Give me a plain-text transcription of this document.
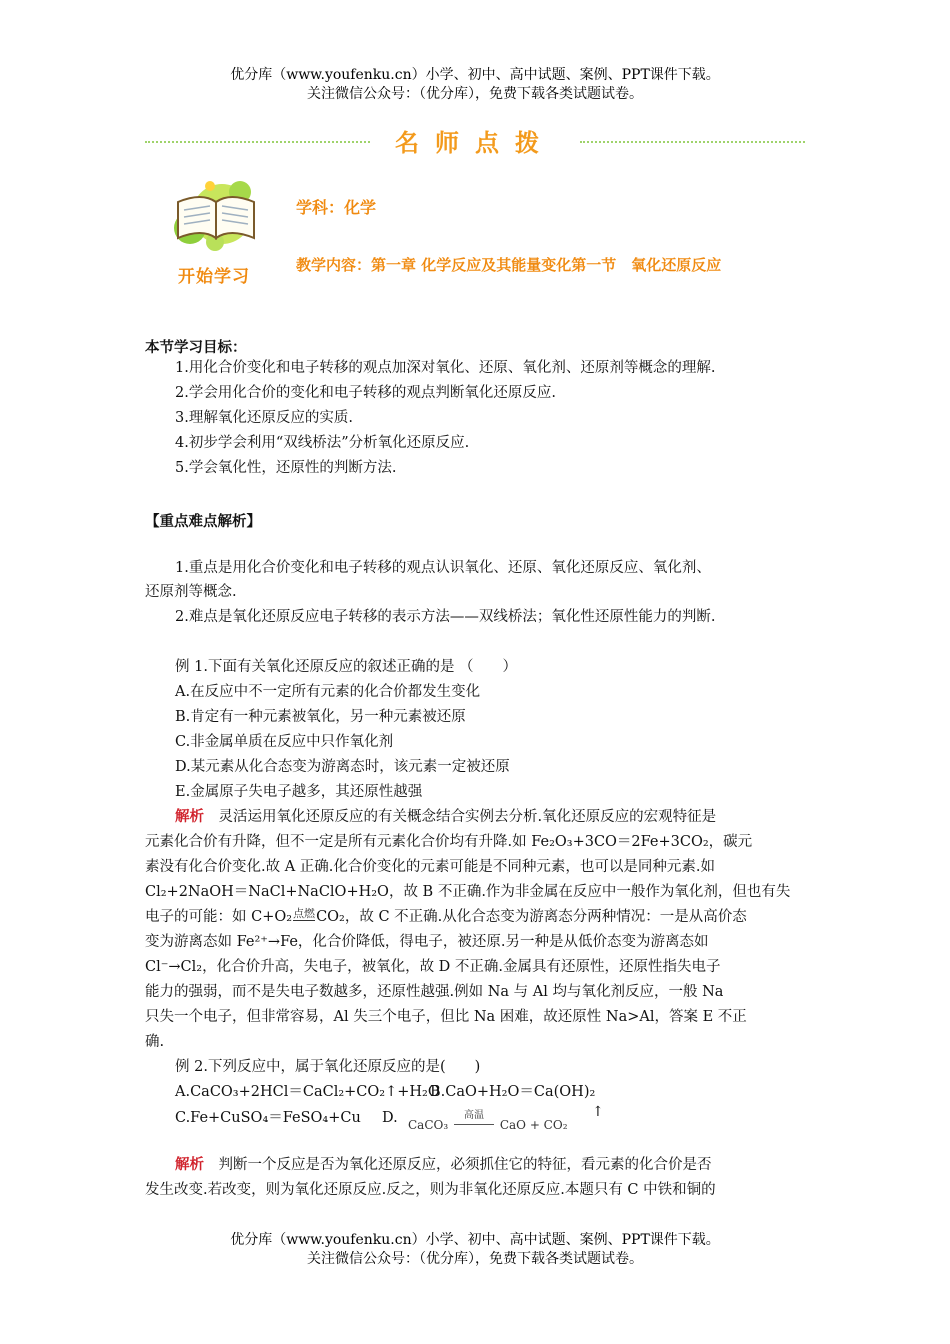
优分库（www.youfenku.cn）小学、初中、高中试题、案例、PPT课件下载。
关注微信公众号：（优分库），免费下载各类试题试卷。
名师点拨
开始学习
学科：化学
教学内容：第一章 化学反应及其能量变化第一节　氧化还原反应
本节学习目标：
1.用化合价变化和电子转移的观点加深对氧化、还原、氧化剂、还原剂等概念的理解.
2.学会用化合价的变化和电子转移的观点判断氧化还原反应.
3.理解氧化还原反应的实质.
4.初步学会利用“双线桥法”分析氧化还原反应.
5.学会氧化性，还原性的判断方法.
【重点难点解析】
1.重点是用化合价变化和电子转移的观点认识氧化、还原、氧化还原反应、氧化剂、
还原剂等概念.
2.难点是氧化还原反应电子转移的表示方法——双线桥法；氧化性还原性能力的判断.
例 1.下面有关氧化还原反应的叙述正确的是 （　　）
A.在反应中不一定所有元素的化合价都发生变化
B.肯定有一种元素被氧化，另一种元素被还原
C.非金属单质在反应中只作氧化剂
D.某元素从化合态变为游离态时，该元素一定被还原
E.金属原子失电子越多，其还原性越强
解析　灵活运用氧化还原反应的有关概念结合实例去分析.氧化还原反应的宏观特征是
元素化合价有升降，但不一定是所有元素化合价均有升降.如 Fe₂O₃+3CO＝2Fe+3CO₂，碳元
素没有化合价变化.故 A 正确.化合价变化的元素可能是不同种元素，也可以是同种元素.如
Cl₂+2NaOH＝NaCl+NaClO+H₂O，故 B 不正确.作为非金属在反应中一般作为氧化剂，但也有失
电子的可能：如 C+O₂点燃CO₂，故 C 不正确.从化合态变为游离态分两种情况：一是从高价态
变为游离态如 Fe²⁺→Fe，化合价降低，得电子，被还原.另一种是从低价态变为游离态如
Cl⁻→Cl₂，化合价升高，失电子，被氧化，故 D 不正确.金属具有还原性，还原性指失电子
能力的强弱，而不是失电子数越多，还原性越强.例如 Na 与 Al 均与氧化剂反应，一般 Na
只失一个电子，但非常容易，Al 失三个电子，但比 Na 困难，故还原性 Na>Al，答案 E 不正
确.
例 2.下列反应中，属于氧化还原反应的是(　　)
A.CaCO₃+2HCl＝CaCl₂+CO₂↑+H₂O
B.CaO+H₂O＝Ca(OH)₂
C.Fe+CuSO₄＝FeSO₄+Cu D. CaCO₃
高温
CaO + CO₂
↑
解析　判断一个反应是否为氧化还原反应，必须抓住它的特征，看元素的化合价是否
发生改变.若改变，则为氧化还原反应.反之，则为非氧化还原反应.本题只有 C 中铁和铜的
优分库（www.youfenku.cn）小学、初中、高中试题、案例、PPT课件下载。
关注微信公众号：（优分库），免费下载各类试题试卷。
